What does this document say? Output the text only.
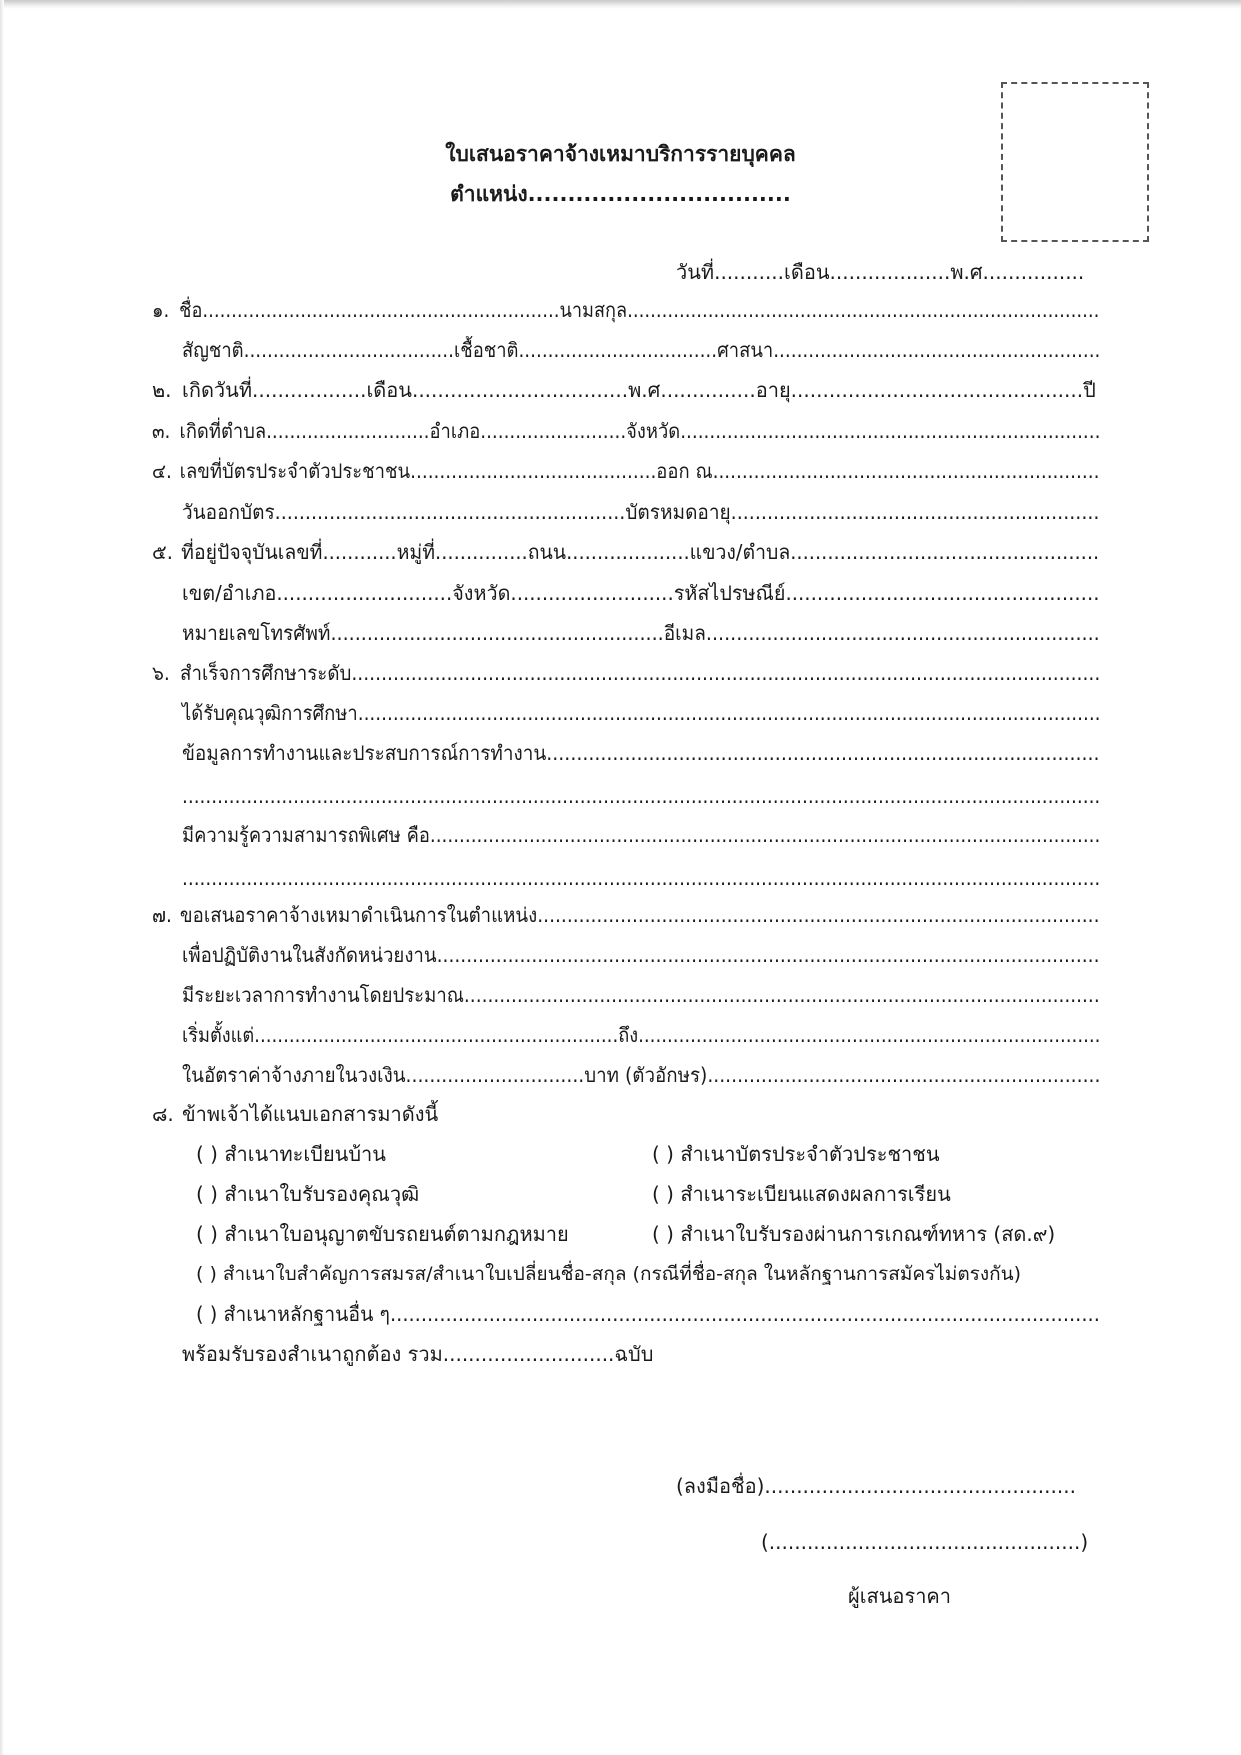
ใบเสนอราคาจ้างเหมาบริการรายบุคคล
ตำแหน่ง.................................
วันที่...........เดือน...................พ.ศ................
๑. ชื่อ..............................................................นามสกุล..................................................................................
สัญชาติ....................................เชื้อชาติ..................................ศาสนา........................................................
๒. เกิดวันที่..................เดือน..................................พ.ศ...............อายุ..............................................ปี
๓. เกิดที่ตำบล............................อำเภอ.........................จังหวัด........................................................................
๔. เลขที่บัตรประจำตัวประชาชน..........................................ออก ณ..................................................................
วันออกบัตร..........................................................บัตรหมดอายุ.............................................................
๕. ที่อยู่ปัจจุบันเลขที่............หมู่ที่...............ถนน....................แขวง/ตำบล..................................................
เขต/อำเภอ............................จังหวัด..........................รหัสไปรษณีย์..................................................
หมายเลขโทรศัพท์.......................................................อีเมล.................................................................
๖. สำเร็จการศึกษาระดับ..............................................................................................................................
ได้รับคุณวุฒิการศึกษา...............................................................................................................................
ข้อมูลการทำงานและประสบการณ์การทำงาน............................................................................................
.............................................................................................................................................................
มีความรู้ความสามารถพิเศษ คือ...................................................................................................................
.............................................................................................................................................................
๗. ขอเสนอราคาจ้างเหมาดำเนินการในตำแหน่ง...............................................................................................
เพื่อปฏิบัติงานในสังกัดหน่วยงาน................................................................................................................
มีระยะเวลาการทำงานโดยประมาณ............................................................................................................
เริ่มตั้งแต่...............................................................ถึง................................................................................
ในอัตราค่าจ้างภายในวงเงิน..............................บาท (ตัวอักษร)..................................................................
๘. ข้าพเจ้าได้แนบเอกสารมาดังนี้
( ) สำเนาทะเบียนบ้าน	( ) สำเนาบัตรประจำตัวประชาชน
( ) สำเนาใบรับรองคุณวุฒิ	( ) สำเนาระเบียนแสดงผลการเรียน
( ) สำเนาใบอนุญาตขับรถยนต์ตามกฎหมาย	( ) สำเนาใบรับรองผ่านการเกณฑ์ทหาร (สด.๙)
( ) สำเนาใบสำคัญการสมรส/สำเนาใบเปลี่ยนชื่อ-สกุล (กรณีที่ชื่อ-สกุล ในหลักฐานการสมัครไม่ตรงกัน)
( ) สำเนาหลักฐานอื่น ๆ...................................................................................................................
พร้อมรับรองสำเนาถูกต้อง รวม...........................ฉบับ
(ลงมือชื่อ).................................................
(.................................................)
ผู้เสนอราคา
